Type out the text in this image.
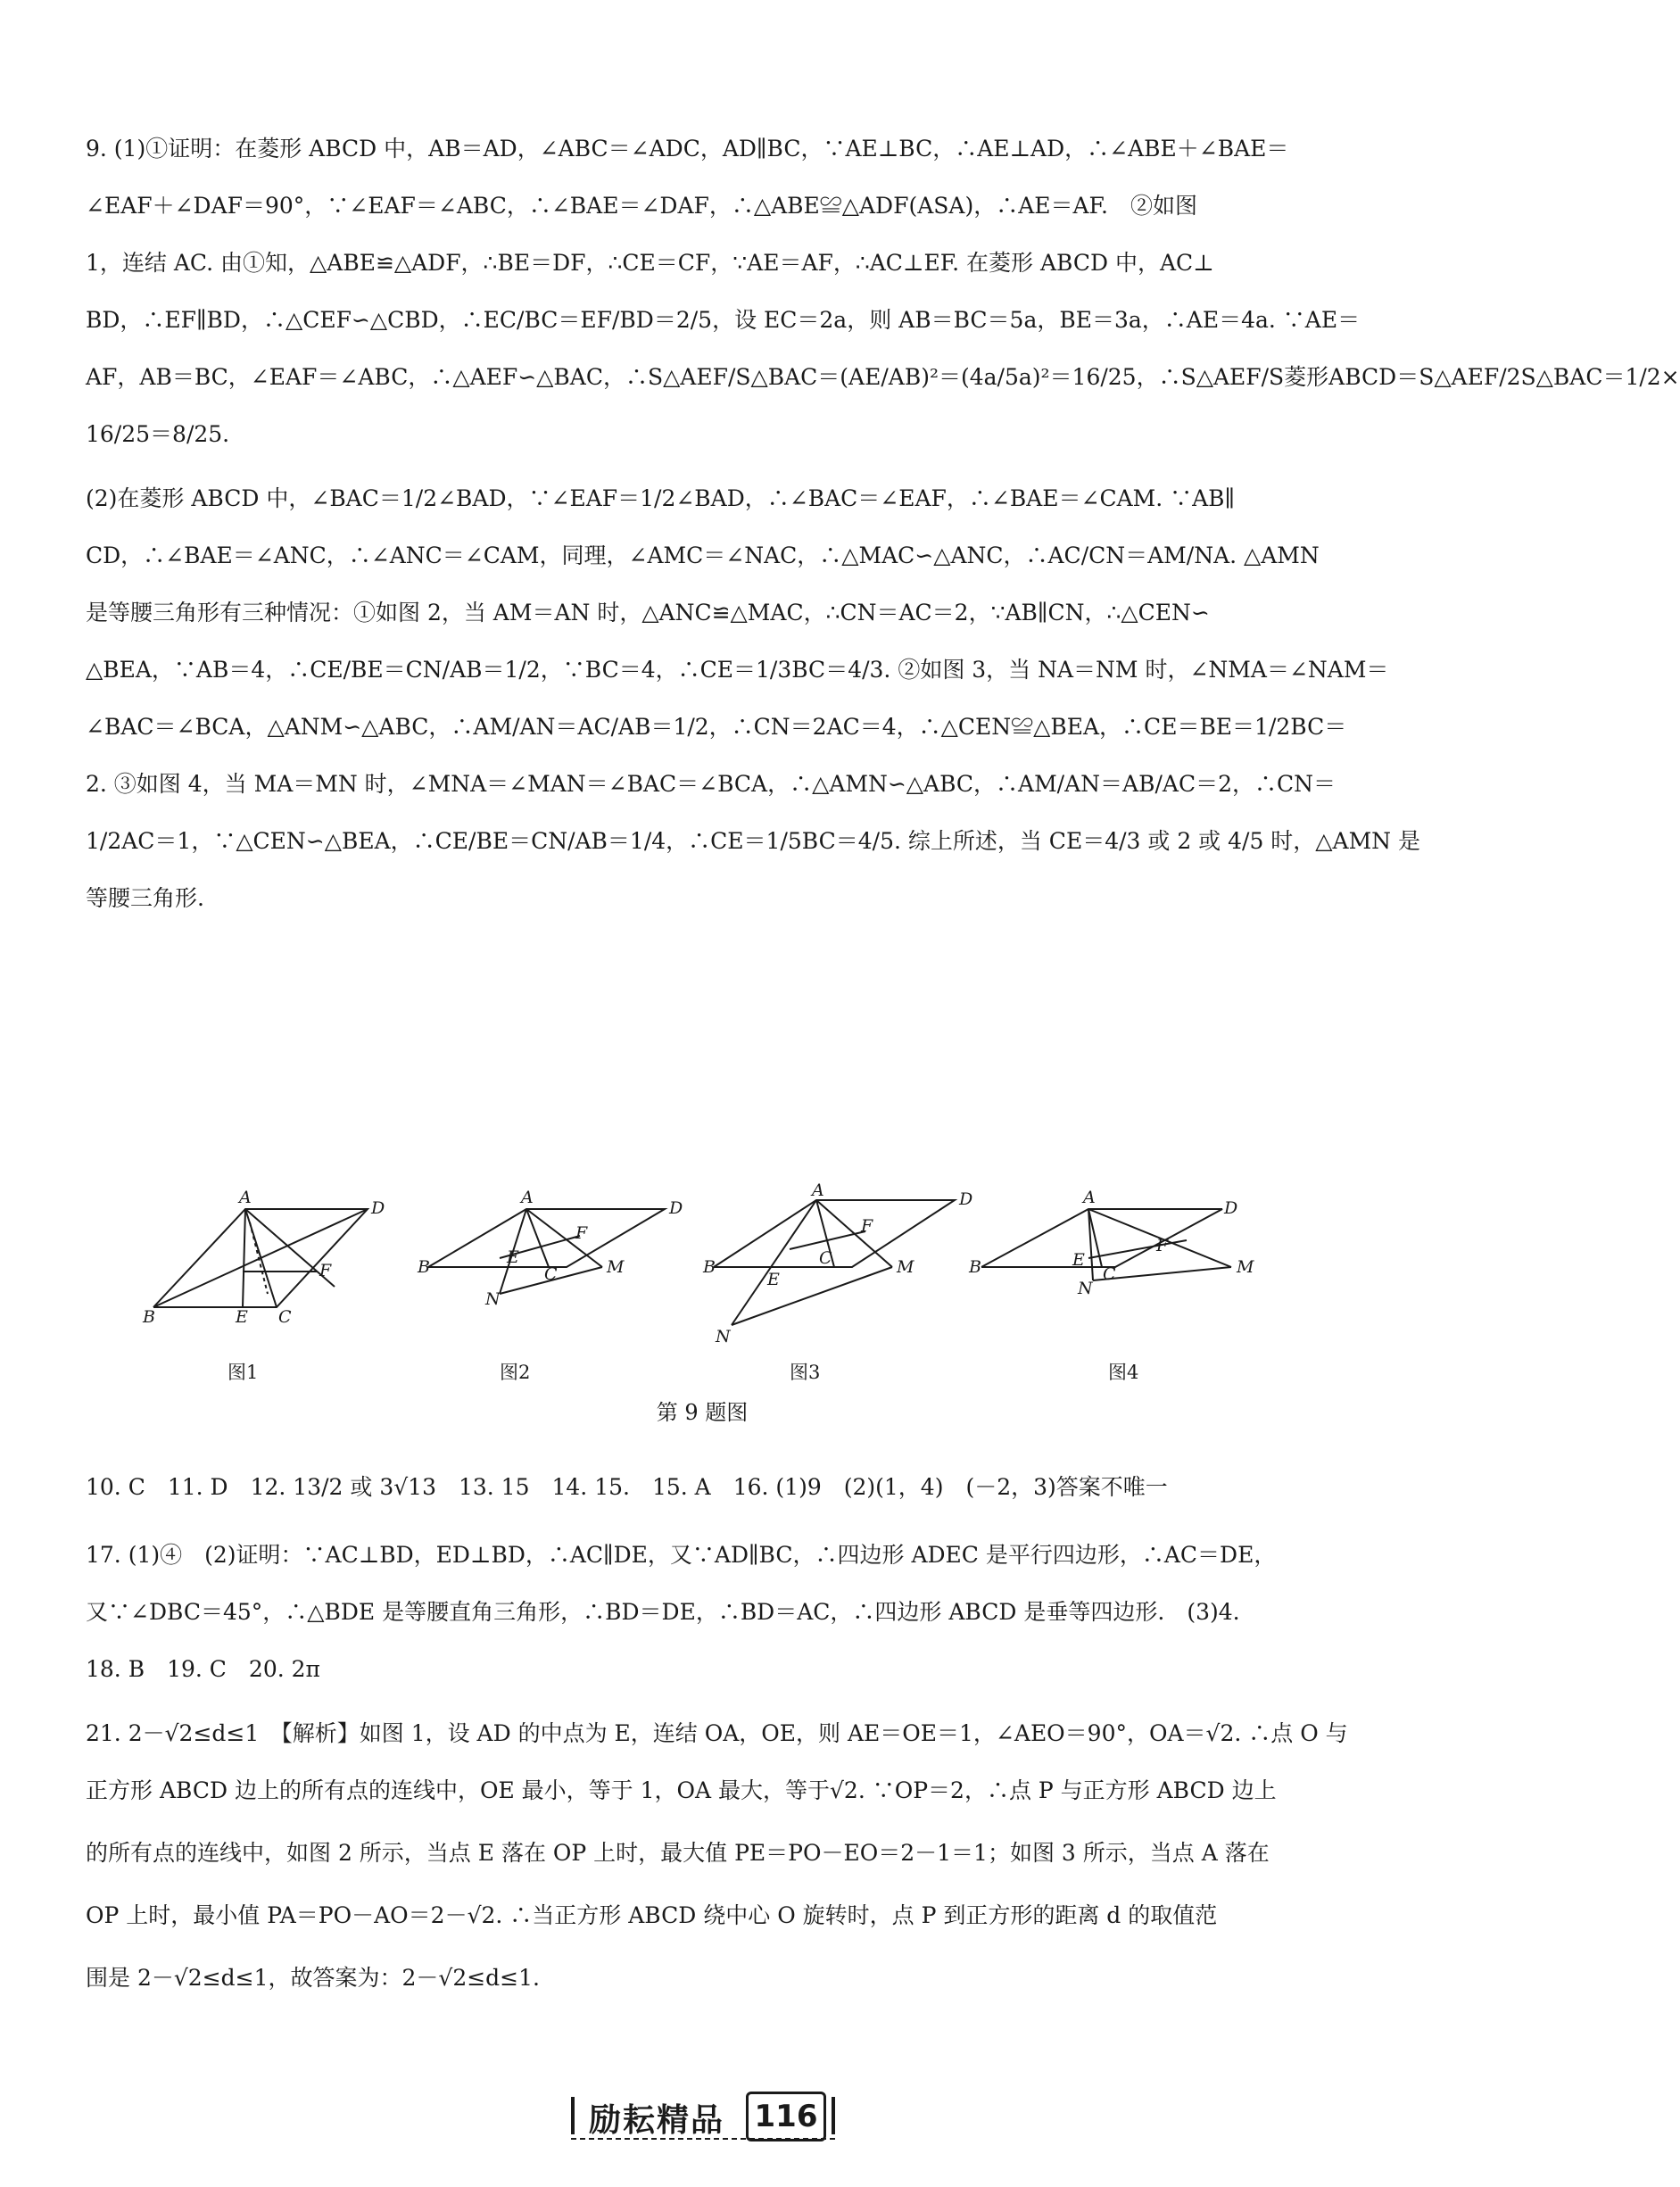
9. (1)①证明：在菱形 ABCD 中，AB＝AD，∠ABC＝∠ADC，AD∥BC，∵AE⊥BC，∴AE⊥AD，∴∠ABE＋∠BAE＝
∠EAF＋∠DAF＝90°，∵∠EAF＝∠ABC，∴∠BAE＝∠DAF，∴△ABE≌△ADF(ASA)，∴AE＝AF.　②如图
1，连结 AC. 由①知，△ABE≌△ADF，∴BE＝DF，∴CE＝CF，∵AE＝AF，∴AC⊥EF. 在菱形 ABCD 中，AC⊥
BD，∴EF∥BD，∴△CEF∽△CBD，∴EC/BC＝EF/BD＝2/5，设 EC＝2a，则 AB＝BC＝5a，BE＝3a，∴AE＝4a. ∵AE＝
AF，AB＝BC，∠EAF＝∠ABC，∴△AEF∽△BAC，∴S△AEF/S△BAC＝(AE/AB)²＝(4a/5a)²＝16/25，∴S△AEF/S菱形ABCD＝S△AEF/2S△BAC＝1/2×
16/25＝8/25.
(2)在菱形 ABCD 中，∠BAC＝1/2∠BAD，∵∠EAF＝1/2∠BAD，∴∠BAC＝∠EAF，∴∠BAE＝∠CAM. ∵AB∥
CD，∴∠BAE＝∠ANC，∴∠ANC＝∠CAM，同理，∠AMC＝∠NAC，∴△MAC∽△ANC，∴AC/CN＝AM/NA. △AMN
是等腰三角形有三种情况：①如图 2，当 AM＝AN 时，△ANC≌△MAC，∴CN＝AC＝2，∵AB∥CN，∴△CEN∽
△BEA，∵AB＝4，∴CE/BE＝CN/AB＝1/2，∵BC＝4，∴CE＝1/3BC＝4/3. ②如图 3，当 NA＝NM 时，∠NMA＝∠NAM＝
∠BAC＝∠BCA，△ANM∽△ABC，∴AM/AN＝AC/AB＝1/2，∴CN＝2AC＝4，∴△CEN≌△BEA，∴CE＝BE＝1/2BC＝
2. ③如图 4，当 MA＝MN 时，∠MNA＝∠MAN＝∠BAC＝∠BCA，∴△AMN∽△ABC，∴AM/AN＝AB/AC＝2，∴CN＝
1/2AC＝1，∵△CEN∽△BEA，∴CE/BE＝CN/AB＝1/4，∴CE＝1/5BC＝4/5. 综上所述，当 CE＝4/3 或 2 或 4/5 时，△AMN 是
等腰三角形.
A
D
B	E C
F
图1
A
D
B	E
C
F
M
N
图2
A	D
B
E
C
F
M
N
图3
A
D
B	E
C
F
M
N
图4
第 9 题图
10. C　11. D　12. 13/2 或 3√13　13. 15　14. 15.　15. A　16. (1)9　(2)(1，4)　(－2，3)答案不唯一
17. (1)④　(2)证明：∵AC⊥BD，ED⊥BD，∴AC∥DE，又∵AD∥BC，∴四边形 ADEC 是平行四边形，∴AC＝DE，
又∵∠DBC＝45°，∴△BDE 是等腰直角三角形，∴BD＝DE，∴BD＝AC，∴四边形 ABCD 是垂等四边形.　(3)4.
18. B　19. C　20. 2π
21. 2－√2≤d≤1　【解析】如图 1，设 AD 的中点为 E，连结 OA，OE，则 AE＝OE＝1，∠AEO＝90°，OA＝√2. ∴点 O 与
正方形 ABCD 边上的所有点的连线中，OE 最小，等于 1，OA 最大，等于√2. ∵OP＝2，∴点 P 与正方形 ABCD 边上
的所有点的连线中，如图 2 所示，当点 E 落在 OP 上时，最大值 PE＝PO－EO＝2－1＝1；如图 3 所示，当点 A 落在
OP 上时，最小值 PA＝PO－AO＝2－√2. ∴当正方形 ABCD 绕中心 O 旋转时，点 P 到正方形的距离 d 的取值范
围是 2－√2≤d≤1，故答案为：2－√2≤d≤1.
励耘精品 116
